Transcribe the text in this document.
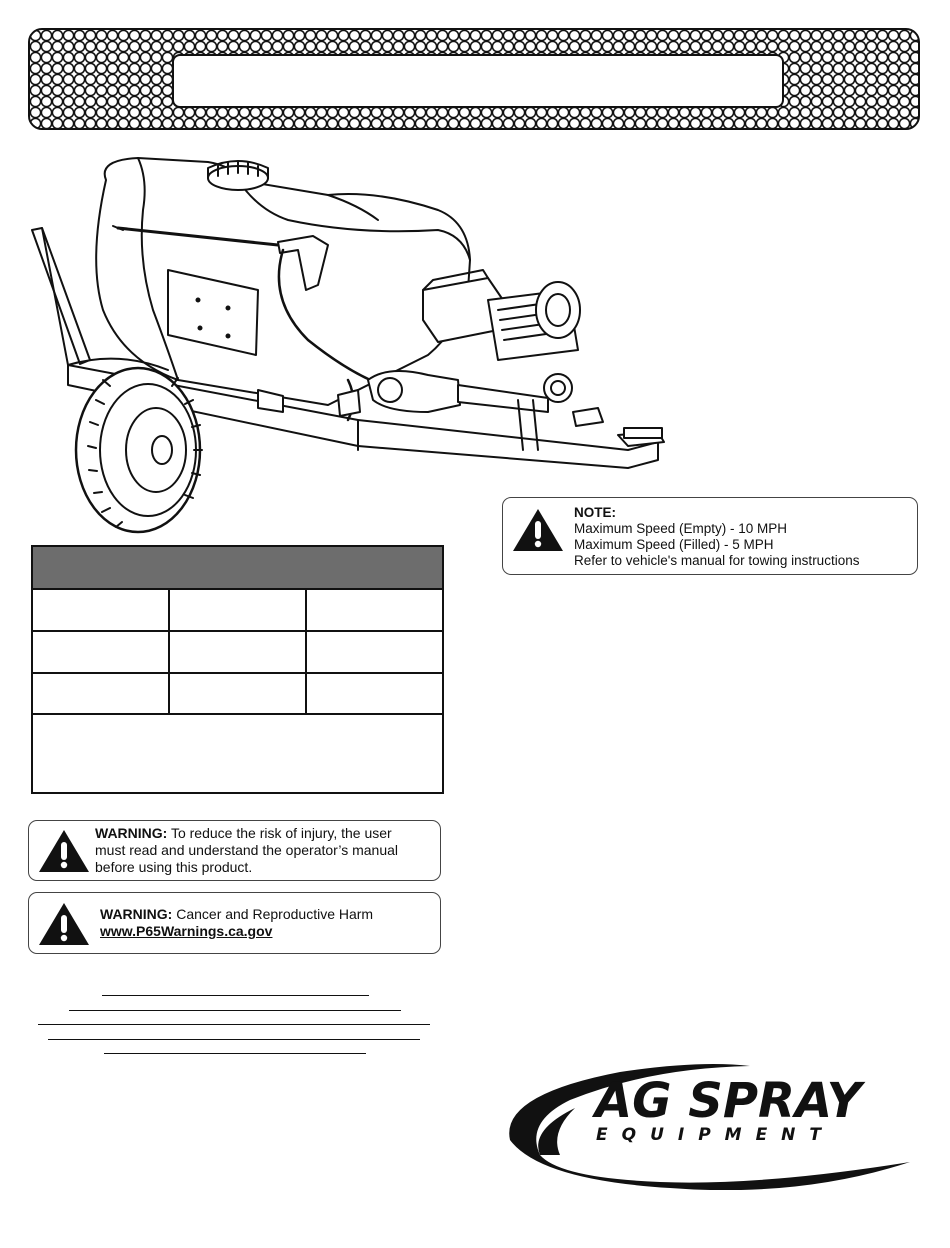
NOTE:
Maximum Speed (Empty) - 10 MPH
Maximum Speed (Filled) - 5 MPH
Refer to vehicle's manual for towing instructions
WARNING: To reduce the risk of injury, the user
must read and understand the operator’s manual
before using this product.
WARNING: Cancer and Reproductive Harm
www.P65Warnings.ca.gov
AG SPRAY
EQUIPMENT
